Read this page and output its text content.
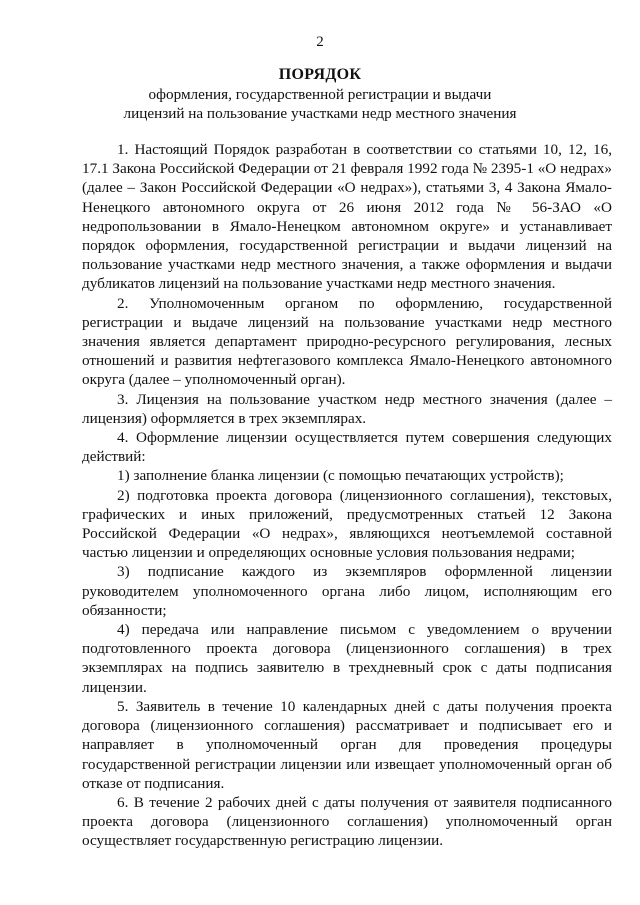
2
ПОРЯДОК
оформления, государственной регистрации и выдачи
лицензий на пользование участками недр местного значения

1. Настоящий Порядок разработан в соответствии со статьями 10, 12, 16, 17.1 Закона Российской Федерации от 21 февраля 1992 года № 2395-1 «О недрах» (далее – Закон Российской Федерации «О недрах»), статьями 3, 4 Закона Ямало-Ненецкого автономного округа от 26 июня 2012 года № 56-ЗАО «О недропользовании в Ямало-Ненецком автономном округе» и устанавливает порядок оформления, государственной регистрации и выдачи лицензий на пользование участками недр местного значения, а также оформления и выдачи дубликатов лицензий на пользование участками недр местного значения.

2. Уполномоченным органом по оформлению, государственной регистрации и выдаче лицензий на пользование участками недр местного значения является департамент природно-ресурсного регулирования, лесных отношений и развития нефтегазового комплекса Ямало-Ненецкого автономного округа (далее – уполномоченный орган).

3. Лицензия на пользование участком недр местного значения (далее – лицензия) оформляется в трех экземплярах.

4. Оформление лицензии осуществляется путем совершения следующих действий:

1) заполнение бланка лицензии (с помощью печатающих устройств);

2) подготовка проекта договора (лицензионного соглашения), текстовых, графических и иных приложений, предусмотренных статьей 12 Закона Российской Федерации «О недрах», являющихся неотъемлемой составной частью лицензии и определяющих основные условия пользования недрами;

3) подписание каждого из экземпляров оформленной лицензии руководителем уполномоченного органа либо лицом, исполняющим его обязанности;

4) передача или направление письмом с уведомлением о вручении подготовленного проекта договора (лицензионного соглашения) в трех экземплярах на подпись заявителю в трехдневный срок с даты подписания лицензии.

5. Заявитель в течение 10 календарных дней с даты получения проекта договора (лицензионного соглашения) рассматривает и подписывает его и направляет в уполномоченный орган для проведения процедуры государственной регистрации лицензии или извещает уполномоченный орган об отказе от подписания.

6. В течение 2 рабочих дней с даты получения от заявителя подписанного проекта договора (лицензионного соглашения) уполномоченный орган осуществляет государственную регистрацию лицензии.
